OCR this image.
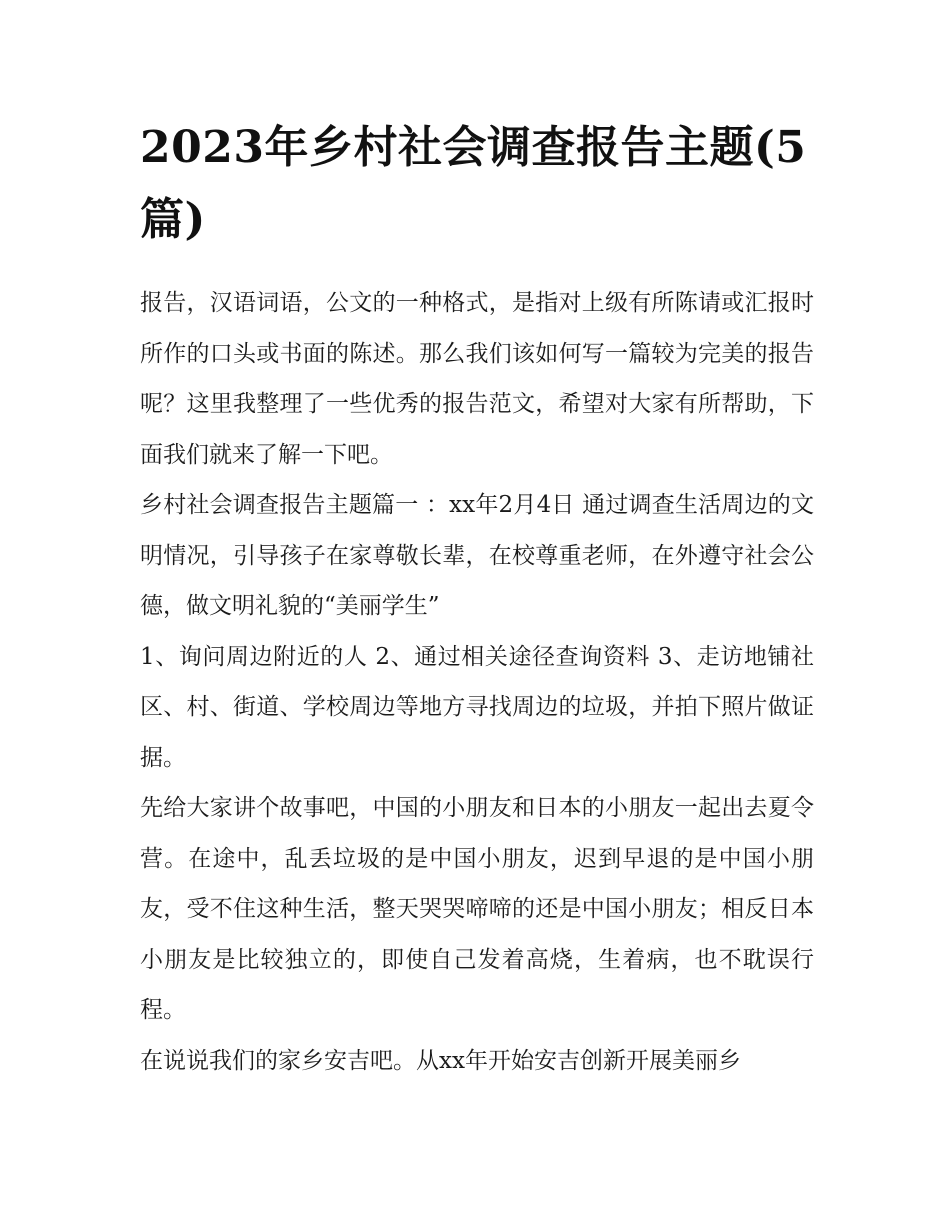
2023年乡村社会调查报告主题(5篇)

报告，汉语词语，公文的一种格式，是指对上级有所陈请或汇报时所作的口头或书面的陈述。那么我们该如何写一篇较为完美的报告呢？这里我整理了一些优秀的报告范文，希望对大家有所帮助，下面我们就来了解一下吧。

乡村社会调查报告主题篇一 ：xx年2月4日 通过调查生活周边的文明情况，引导孩子在家尊敬长辈，在校尊重老师，在外遵守社会公德，做文明礼貌的“美丽学生”

1、询问周边附近的人 2、通过相关途径查询资料 3、走访地铺社区、村、街道、学校周边等地方寻找周边的垃圾，并拍下照片做证据。

先给大家讲个故事吧，中国的小朋友和日本的小朋友一起出去夏令营。在途中，乱丢垃圾的是中国小朋友，迟到早退的是中国小朋友，受不住这种生活，整天哭哭啼啼的还是中国小朋友；相反日本小朋友是比较独立的，即使自己发着高烧，生着病，也不耽误行程。

在说说我们的家乡安吉吧。从xx年开始安吉创新开展美丽乡
